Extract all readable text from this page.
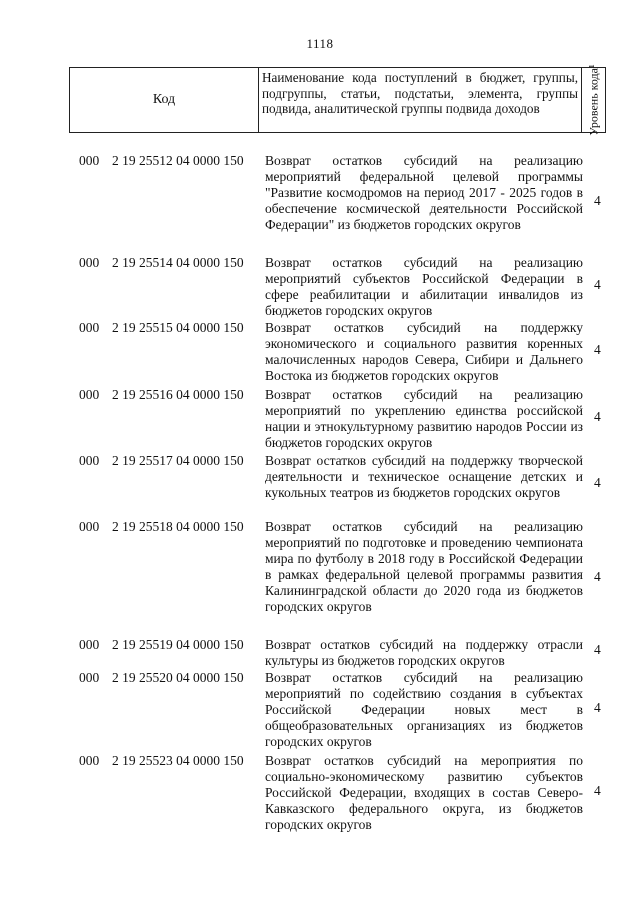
1118
Код
Наименование кода поступлений в бюджет, группы, подгруппы, статьи, подстатьи, элемента, группы подвида, аналитической группы подвида доходов	Уровень кода¹
000 2 19 25512 04 0000 150 Возврат остатков субсидий на реализацию мероприятий федеральной целевой программы "Развитие космодромов на период 2017 - 2025 годов в обеспечение космической деятельности Российской Федерации" из бюджетов городских округов
4
000 2 19 25514 04 0000 150 Возврат остатков субсидий на реализацию мероприятий субъектов Российской Федерации в сфере реабилитации и абилитации инвалидов из бюджетов городских округов
4
000 2 19 25515 04 0000 150 Возврат остатков субсидий на поддержку экономического и социального развития коренных малочисленных народов Севера, Сибири и Дальнего Востока из бюджетов городских округов
4
000 2 19 25516 04 0000 150 Возврат остатков субсидий на реализацию мероприятий по укреплению единства российской нации и этнокультурному развитию народов России из бюджетов городских округов
4
000 2 19 25517 04 0000 150 Возврат остатков субсидий на поддержку творческой деятельности и техническое оснащение детских и кукольных театров из бюджетов городских округов
4
000 2 19 25518 04 0000 150 Возврат остатков субсидий на реализацию мероприятий по подготовке и проведению чемпионата мира по футболу в 2018 году в Российской Федерации в рамках федеральной целевой программы развития Калининградской области до 2020 года из бюджетов городских округов
4
000 2 19 25519 04 0000 150 Возврат остатков субсидий на поддержку отрасли культуры из бюджетов городских округов
4
000 2 19 25520 04 0000 150 Возврат остатков субсидий на реализацию мероприятий по содействию создания в субъектах Российской Федерации новых мест в общеобразовательных организациях из бюджетов городских округов
4
000 2 19 25523 04 0000 150 Возврат остатков субсидий на мероприятия по социально-экономическому развитию субъектов Российской Федерации, входящих в состав Северо-Кавказского федерального округа, из бюджетов городских округов
4
